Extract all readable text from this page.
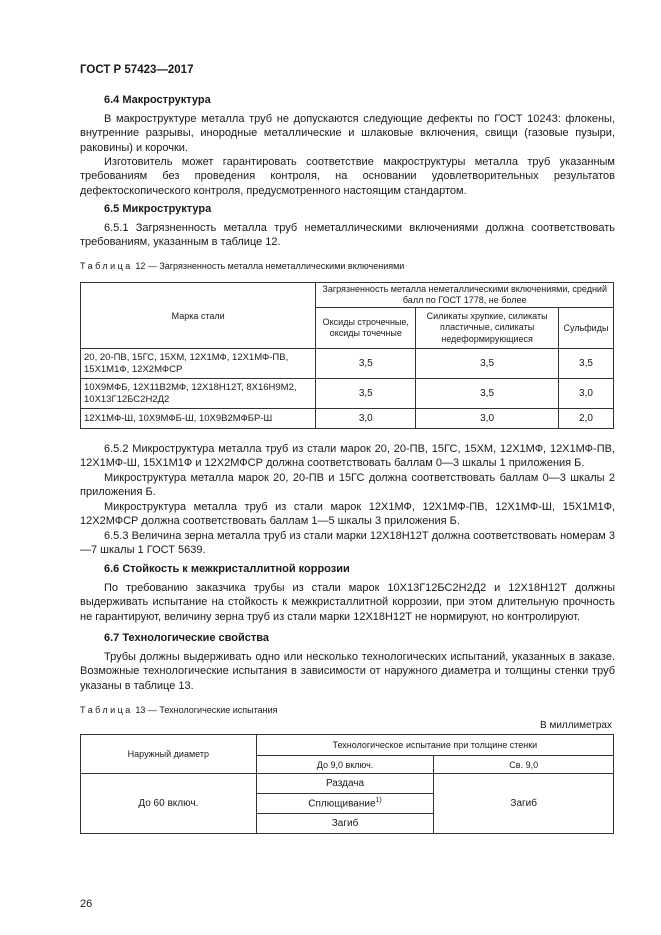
ГОСТ Р 57423—2017

6.4 Макроструктура

В макроструктуре металла труб не допускаются следующие дефекты по ГОСТ 10243: флокены, внутренние разрывы, инородные металлические и шлаковые включения, свищи (газовые пузыри, раковины) и корочки.

Изготовитель может гарантировать соответствие макроструктуры металла труб указанным требованиям без проведения контроля, на основании удовлетворительных результатов дефектоскопического контроля, предусмотренного настоящим стандартом.

6.5 Микроструктура

6.5.1 Загрязненность металла труб неметаллическими включениями должна соответствовать требованиям, указанным в таблице 12.

Таблица 12 — Загрязненность металла неметаллическими включениями
Марка стали	Загрязненность металла неметаллическими включениями, средний балл по ГОСТ 1778, не более		
	Оксиды строчечные, оксиды точечные	Силикаты хрупкие, силикаты пластичные, силикаты недеформирующиеся	Сульфиды
20, 20-ПВ, 15ГС, 15ХМ, 12Х1МФ, 12Х1МФ-ПВ, 15Х1М1Ф, 12Х2МФСР	3,5	3,5	3,5
10Х9МФБ, 12Х11В2МФ, 12Х18Н12Т, 8Х16Н9М2, 10Х13Г12БС2Н2Д2	3,5	3,5	3,0
12Х1МФ-Ш, 10Х9МФБ-Ш, 10Х9В2МФБР-Ш	3,0	3,0	2,0

6.5.2 Микроструктура металла труб из стали марок 20, 20-ПВ, 15ГС, 15ХМ, 12Х1МФ, 12Х1МФ-ПВ, 12Х1МФ-Ш, 15Х1М1Ф и 12Х2МФСР должна соответствовать баллам 0—3 шкалы 1 приложения Б.

Микроструктура металла марок 20, 20-ПВ и 15ГС должна соответствовать баллам 0—3 шкалы 2 приложения Б.

Микроструктура металла труб из стали марок 12Х1МФ, 12Х1МФ-ПВ, 12Х1МФ-Ш, 15Х1М1Ф, 12Х2МФСР должна соответствовать баллам 1—5 шкалы 3 приложения Б.

6.5.3 Величина зерна металла труб из стали марки 12Х18Н12Т должна соответствовать номерам 3—7 шкалы 1 ГОСТ 5639.

6.6 Стойкость к межкристаллитной коррозии

По требованию заказчика трубы из стали марок 10Х13Г12БС2Н2Д2 и 12Х18Н12Т должны выдерживать испытание на стойкость к межкристаллитной коррозии, при этом длительную прочность не гарантируют, величину зерна труб из стали марки 12Х18Н12Т не нормируют, но контролируют.

6.7 Технологические свойства

Трубы должны выдерживать одно или несколько технологических испытаний, указанных в заказе. Возможные технологические испытания в зависимости от наружного диаметра и толщины стенки труб указаны в таблице 13.

Таблица 13 — Технологические испытания
В миллиметрах
Наружный диаметр	Технологическое испытание при толщине стенки	
	До 9,0 включ.	Св. 9,0
До 60 включ.	Раздача	Загиб
	Сплющивание$^{1)}$
	Загиб	
26
